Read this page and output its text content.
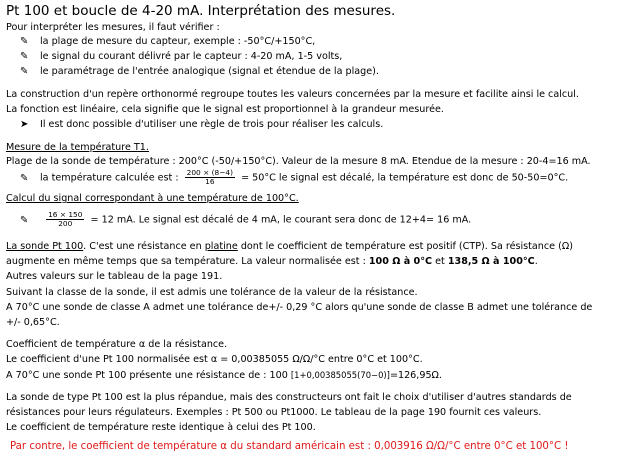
Pt 100 et boucle de 4-20 mA. Interprétation des mesures.
Pour interpréter les mesures, il faut vérifier :
✎ la plage de mesure du capteur, exemple : -50°C/+150°C,
✎ le signal du courant délivré par le capteur : 4-20 mA, 1-5 volts,
✎ le paramétrage de l'entrée analogique (signal et étendue de la plage).
La construction d'un repère orthonormé regroupe toutes les valeurs concernées par la mesure et facilite ainsi le calcul.
La fonction est linéaire, cela signifie que le signal est proportionnel à la grandeur mesurée.
➤ Il est donc possible d'utiliser une règle de trois pour réaliser les calculs.
Mesure de la température T1.
Plage de la sonde de température : 200°C (-50/+150°C). Valeur de la mesure 8 mA. Etendue de la mesure : 20-4=16 mA.
✎ la température calculée est : $\frac{200 \times (8-4)}{16} = 50^\circ C$ le signal est décalé, la température est donc de 50-50=0°C.
Calcul du signal correspondant à une température de 100°C.
✎ $\frac{16 \times 150}{200} = 12$ mA. Le signal est décalé de 4 mA, le courant sera donc de 12+4= 16 mA.
La sonde Pt 100. C'est une résistance en platine dont le coefficient de température est positif (CTP). Sa résistance (Ω)
augmente en même temps que sa température. La valeur normalisée est : 100 Ω à 0°C et 138,5 Ω à 100°C.
Autres valeurs sur le tableau de la page 191.
Suivant la classe de la sonde, il est admis une tolérance de la valeur de la résistance.
A 70°C une sonde de classe A admet une tolérance de+/- 0,29 °C alors qu'une sonde de classe B admet une tolérance de
+/- 0,65°C.
Coefficient de température α de la résistance.
Le coefficient d'une Pt 100 normalisée est α = 0,00385055 Ω/Ω/°C entre 0°C et 100°C.
A 70°C une sonde Pt 100 présente une résistance de : 100 [1+0,00385055(70−0)]=126,95Ω.
La sonde de type Pt 100 est la plus répandue, mais des constructeurs ont fait le choix d'utiliser d'autres standards de
résistances pour leurs régulateurs. Exemples : Pt 500 ou Pt1000. Le tableau de la page 190 fournit ces valeurs.
Le coefficient de température reste identique à celui des Pt 100.
Par contre, le coefficient de température α du standard américain est : 0,003916 Ω/Ω/°C entre 0°C et 100°C !
